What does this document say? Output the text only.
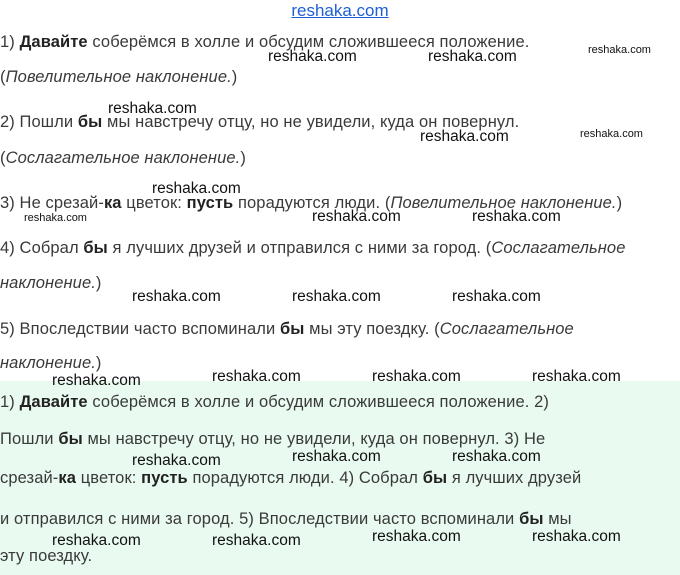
reshaka.com
1) Давайте соберёмся в холле и обсудим сложившееся положение.
(Повелительное наклонение.)
2) Пошли бы мы навстречу отцу, но не увидели, куда он повернул.
(Сослагательное наклонение.)
3) Не срезай-ка цветок: пусть порадуются люди. (Повелительное наклонение.)
4) Собрал бы я лучших друзей и отправился с ними за город. (Сослагательное
наклонение.)
5) Впоследствии часто вспоминали бы мы эту поездку. (Сослагательное
наклонение.)
1) Давайте соберёмся в холле и обсудим сложившееся положение. 2)
Пошли бы мы навстречу отцу, но не увидели, куда он повернул. 3) Не
срезай-ка цветок: пусть порадуются люди. 4) Собрал бы я лучших друзей
и отправился с ними за город. 5) Впоследствии часто вспоминали бы мы
эту поездку.
reshaka.com	reshaka.com	reshaka.com
reshaka.com
reshaka.com	reshaka.com
reshaka.com
reshaka.com	reshaka.com	reshaka.com
reshaka.com	reshaka.com	reshaka.com
reshaka.com	reshaka.com	reshaka.com	reshaka.com
reshaka.com	reshaka.com	reshaka.com
reshaka.com	reshaka.com	reshaka.com	reshaka.com
